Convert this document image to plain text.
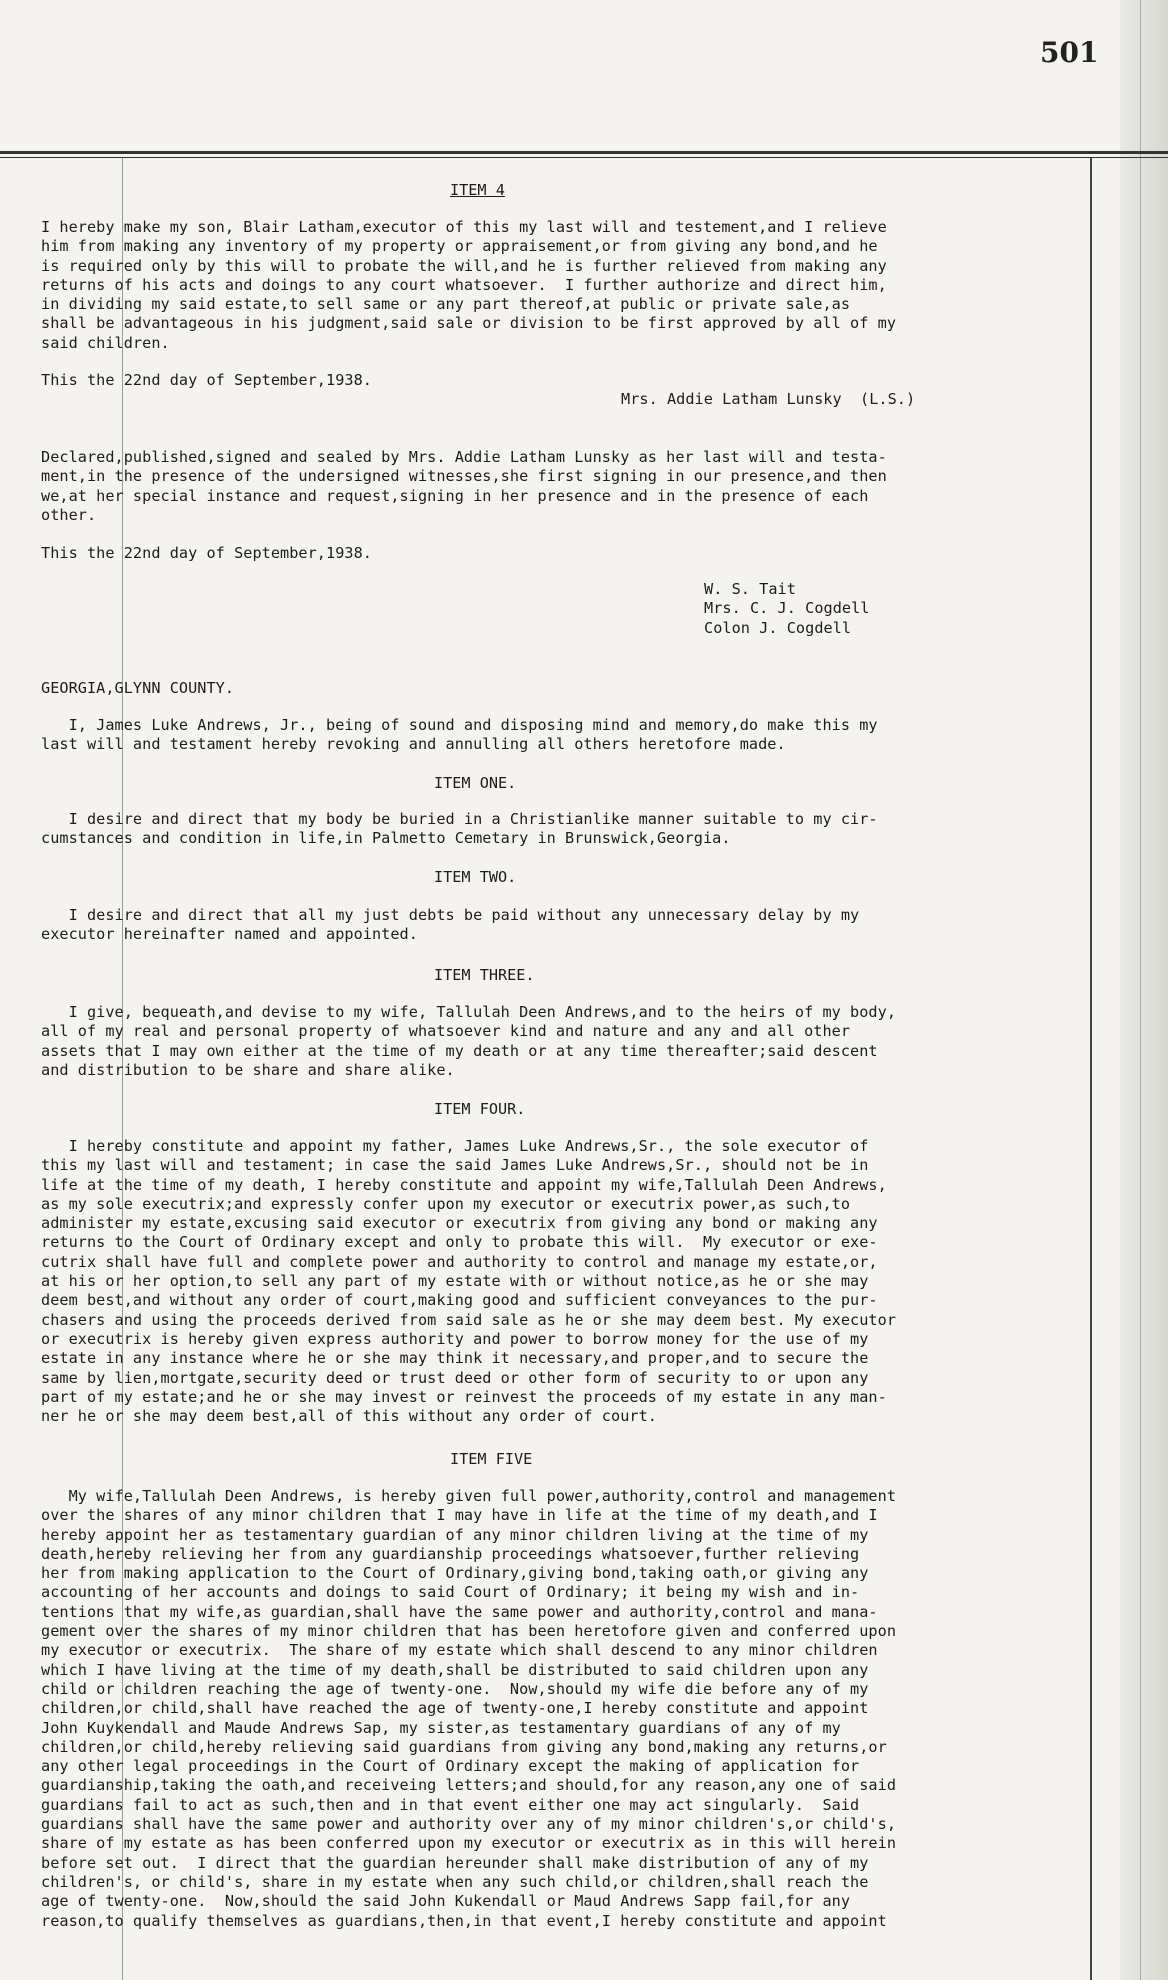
501
ITEM 4
I hereby make my son, Blair Latham,executor of this my last will and testement,and I relieve
him from making any inventory of my property or appraisement,or from giving any bond,and he
is required only by this will to probate the will,and he is further relieved from making any
returns of his acts and doings to any court whatsoever.  I further authorize and direct him,
in dividing my said estate,to sell same or any part thereof,at public or private sale,as
shall be advantageous in his judgment,said sale or division to be first approved by all of my
said children.
This the 22nd day of September,1938.
Mrs. Addie Latham Lunsky  (L.S.)
Declared,published,signed and sealed by Mrs. Addie Latham Lunsky as her last will and testa-
ment,in the presence of the undersigned witnesses,she first signing in our presence,and then
we,at her special instance and request,signing in her presence and in the presence of each
other.
This the 22nd day of September,1938.
W. S. Tait
Mrs. C. J. Cogdell
Colon J. Cogdell
GEORGIA,GLYNN COUNTY.
I, James Luke Andrews, Jr., being of sound and disposing mind and memory,do make this my
last will and testament hereby revoking and annulling all others heretofore made.
ITEM ONE.
I desire and direct that my body be buried in a Christianlike manner suitable to my cir-
cumstances and condition in life,in Palmetto Cemetary in Brunswick,Georgia.
ITEM TWO.
I desire and direct that all my just debts be paid without any unnecessary delay by my
executor hereinafter named and appointed.
ITEM THREE.
I give, bequeath,and devise to my wife, Tallulah Deen Andrews,and to the heirs of my body,
all of my real and personal property of whatsoever kind and nature and any and all other
assets that I may own either at the time of my death or at any time thereafter;said descent
and distribution to be share and share alike.
ITEM FOUR.
I hereby constitute and appoint my father, James Luke Andrews,Sr., the sole executor of
this my last will and testament; in case the said James Luke Andrews,Sr., should not be in
life at the time of my death, I hereby constitute and appoint my wife,Tallulah Deen Andrews,
as my sole executrix;and expressly confer upon my executor or executrix power,as such,to
administer my estate,excusing said executor or executrix from giving any bond or making any
returns to the Court of Ordinary except and only to probate this will.  My executor or exe-
cutrix shall have full and complete power and authority to control and manage my estate,or,
at his or her option,to sell any part of my estate with or without notice,as he or she may
deem best,and without any order of court,making good and sufficient conveyances to the pur-
chasers and using the proceeds derived from said sale as he or she may deem best. My executor
or executrix is hereby given express authority and power to borrow money for the use of my
estate in any instance where he or she may think it necessary,and proper,and to secure the
same by lien,mortgate,security deed or trust deed or other form of security to or upon any
part of my estate;and he or she may invest or reinvest the proceeds of my estate in any man-
ner he or she may deem best,all of this without any order of court.
ITEM FIVE
My wife,Tallulah Deen Andrews, is hereby given full power,authority,control and management
over the shares of any minor children that I may have in life at the time of my death,and I
hereby appoint her as testamentary guardian of any minor children living at the time of my
death,hereby relieving her from any guardianship proceedings whatsoever,further relieving
her from making application to the Court of Ordinary,giving bond,taking oath,or giving any
accounting of her accounts and doings to said Court of Ordinary; it being my wish and in-
tentions that my wife,as guardian,shall have the same power and authority,control and mana-
gement over the shares of my minor children that has been heretofore given and conferred upon
my executor or executrix.  The share of my estate which shall descend to any minor children
which I have living at the time of my death,shall be distributed to said children upon any
child or children reaching the age of twenty-one.  Now,should my wife die before any of my
children,or child,shall have reached the age of twenty-one,I hereby constitute and appoint
John Kuykendall and Maude Andrews Sap, my sister,as testamentary guardians of any of my
children,or child,hereby relieving said guardians from giving any bond,making any returns,or
any other legal proceedings in the Court of Ordinary except the making of application for
guardianship,taking the oath,and receiveing letters;and should,for any reason,any one of said
guardians fail to act as such,then and in that event either one may act singularly.  Said
guardians shall have the same power and authority over any of my minor children's,or child's,
share of my estate as has been conferred upon my executor or executrix as in this will herein
before set out.  I direct that the guardian hereunder shall make distribution of any of my
children's, or child's, share in my estate when any such child,or children,shall reach the
age of twenty-one.  Now,should the said John Kukendall or Maud Andrews Sapp fail,for any
reason,to qualify themselves as guardians,then,in that event,I hereby constitute and appoint
